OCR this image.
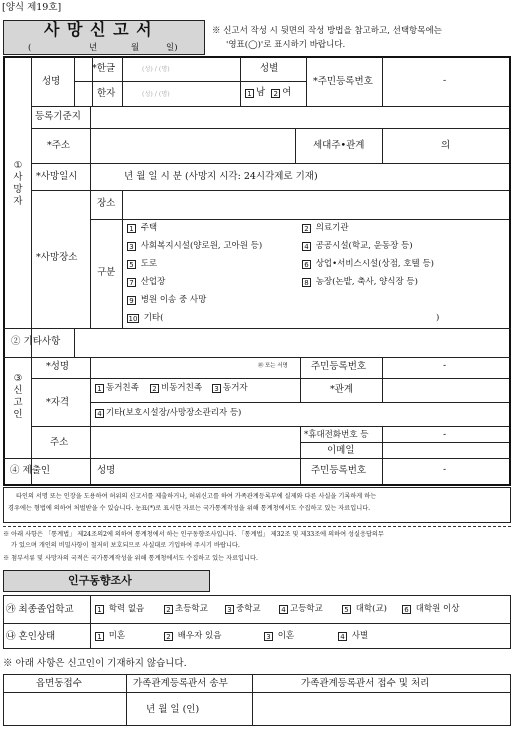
[양식 제19호]
사 망 신 고 서
(	년	월	일)
※ 신고서 작성 시 뒷면의 작성 방법을 참고하고, 선택항목에는
'영표(◯)'로 표시하기 바랍니다.
①
사
망
자
성명
*한글
한자
(성) / (명)
(성) / (명)
성별
1 남 2 여
*주민등록번호	-
등록기준지
*주소	세대주•관계	의
*사망일시	년 월 일 시 분 (사망지 시각: 24시각제로 기재)
*사망장소
장소
구분
1 주택	2 의료기관
3 사회복지시설(양로원, 고아원 등)	4 공공시설(학교, 운동장 등)
5 도로	6 상업•서비스시설(상점, 호텔 등)
7 산업장	8 농장(논밭, 축사, 양식장 등)
9 병원 이송 중 사망
10 기타(	)
② 기타사항
③
신
고
인
*성명	㊞ 또는 서명 주민등록번호	-
*자격
1 동거친족	2 비동거친족	3 동거자	*관계
4 기타(보호시설장/사망장소관리자 등)
주소
*휴대전화번호 등	-
이메일
④ 제출인	성명	주민등록번호	-
타인의 서명 또는 인장을 도용하여 허위의 신고서를 제출하거나, 허위신고를 하여 가족관계등록부에 실제와 다른 사실을 기록하게 하는
경우에는 형법에 의하여 처벌받을 수 있습니다. 눈표(*)로 표시한 자료는 국가통계작성을 위해 통계청에서도 수집하고 있는 자료입니다.
※ 아래 사항은 「통계법」 제24조의2에 의하여 통계청에서 하는 인구동향조사입니다. 「통계법」 제32조 및 제33조에 의하여 성실응답의무
가 있으며 개인의 비밀사항이 철저히 보호되므로 사실대로 기입하여 주시기 바랍니다.
※ 첨부서류 및 사망자의 국적은 국가통계작성을 위해 통계청에서도 수집하고 있는 자료입니다.
인구동향조사
㉮ 최종졸업학교	1 학력 없음	2 초등학교	3 중학교	4 고등학교	5 대학(교)	6 대학원 이상
㉯ 혼인상태	1 미혼	2 배우자 있음	3 이혼	4 사별
※ 아래 사항은 신고인이 기재하지 않습니다.
읍면동접수	가족관계등록관서 송부	가족관계등록관서 접수 및 처리
년 월 일 (인)
